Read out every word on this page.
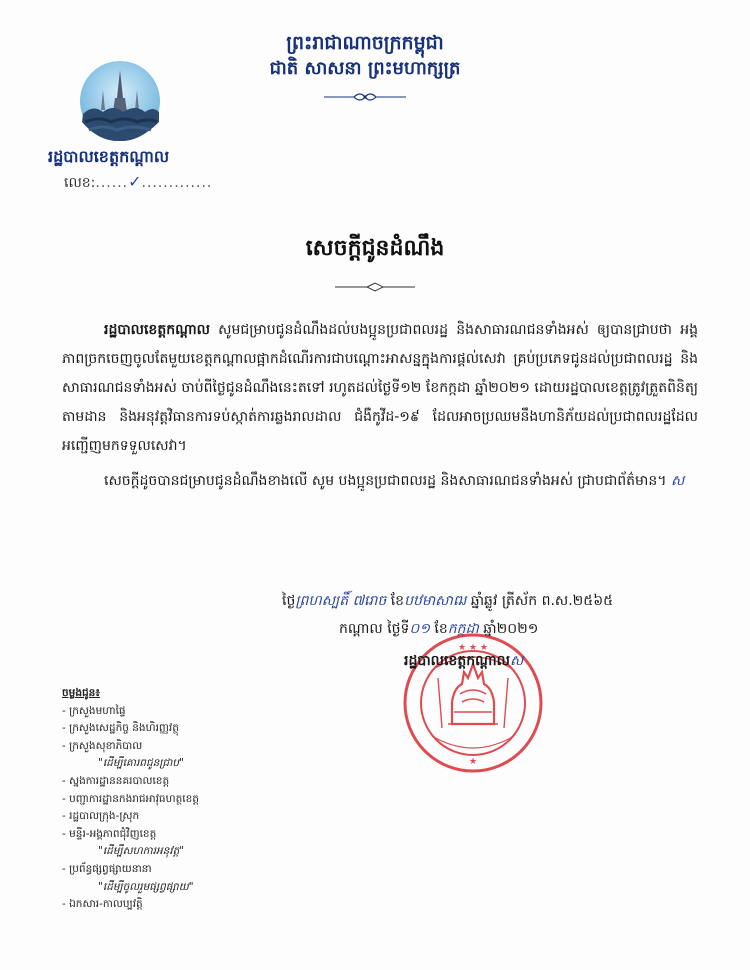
ព្រះរាជាណាចក្រកម្ពុជា
ជាតិ សាសនា ព្រះមហាក្សត្រ
រដ្ឋបាលខេត្តកណ្ដាល
លេខ:......✓.............
សេចក្តីជូនដំណឹង

រដ្ឋបាលខេត្តកណ្ដាល សូមជម្រាបជូនដំណឹងដល់បងប្អូនប្រជាពលរដ្ឋ និងសាធារណជនទាំងអស់ ឲ្យបានជ្រាបថា អង្គភាពច្រកចេញចូលតែមួយខេត្តកណ្ដាលផ្អាកដំណើរការជាបណ្ដោះអាសន្នក្នុងការផ្ដល់សេវា គ្រប់ប្រភេទជូនដល់ប្រជាពលរដ្ឋ និងសាធារណជនទាំងអស់ ចាប់ពីថ្ងៃជូនដំណឹងនេះតទៅ រហូតដល់ថ្ងៃទី១២ ខែកក្កដា ឆ្នាំ២០២១ ដោយរដ្ឋបាលខេត្តត្រូវត្រួតពិនិត្យ តាមដាន និងអនុវត្តវិធានការទប់ស្កាត់ការឆ្លងរាលដាល ជំងឺកូវីដ-១៩ ដែលអាចប្រឈមនឹងហានិភ័យដល់ប្រជាពលរដ្ឋដែលអញ្ជើញមកទទួលសេវា។

សេចក្តីដូចបានជម្រាបជូនដំណឹងខាងលើ សូម បងប្អូនប្រជាពលរដ្ឋ និងសាធារណជនទាំងអស់ ជ្រាបជាព័ត៌មាន។ ស

ថ្ងៃព្រហស្បតិ៍ ៧រោច ខែបឋមាសាឍ ឆ្នាំឆ្លូវ ត្រីស័ក ព.ស.២៥៦៥
កណ្ដាល ថ្ងៃទី០១ ខែកក្កដា ឆ្នាំ២០២១
★ ★ ★
★
រដ្ឋបាលខេត្តកណ្ដាលស
ចម្លងជូន៖
- ក្រសួងមហាផ្ទៃ
- ក្រសួងសេដ្ឋកិច្ច និងហិរញ្ញវត្ថុ
- ក្រសួងសុខាភិបាល
"ដើម្បីគោរពជូនជ្រាប"
- ស្នងការដ្ឋាននគរបាលខេត្ត
- បញ្ជាការដ្ឋានកងរាជអាវុធហត្ថខេត្ត
- រដ្ឋបាលក្រុង-ស្រុក
- មន្ទីរ-អង្គភាពជុំវិញខេត្ត
"ដើម្បីសហការអនុវត្ត"
- ប្រព័ន្ធផ្សព្វផ្សាយនានា
"ដើម្បីចូលរួមផ្សព្វផ្សាយ"
- ឯកសារ-កាលប្បវត្តិ
